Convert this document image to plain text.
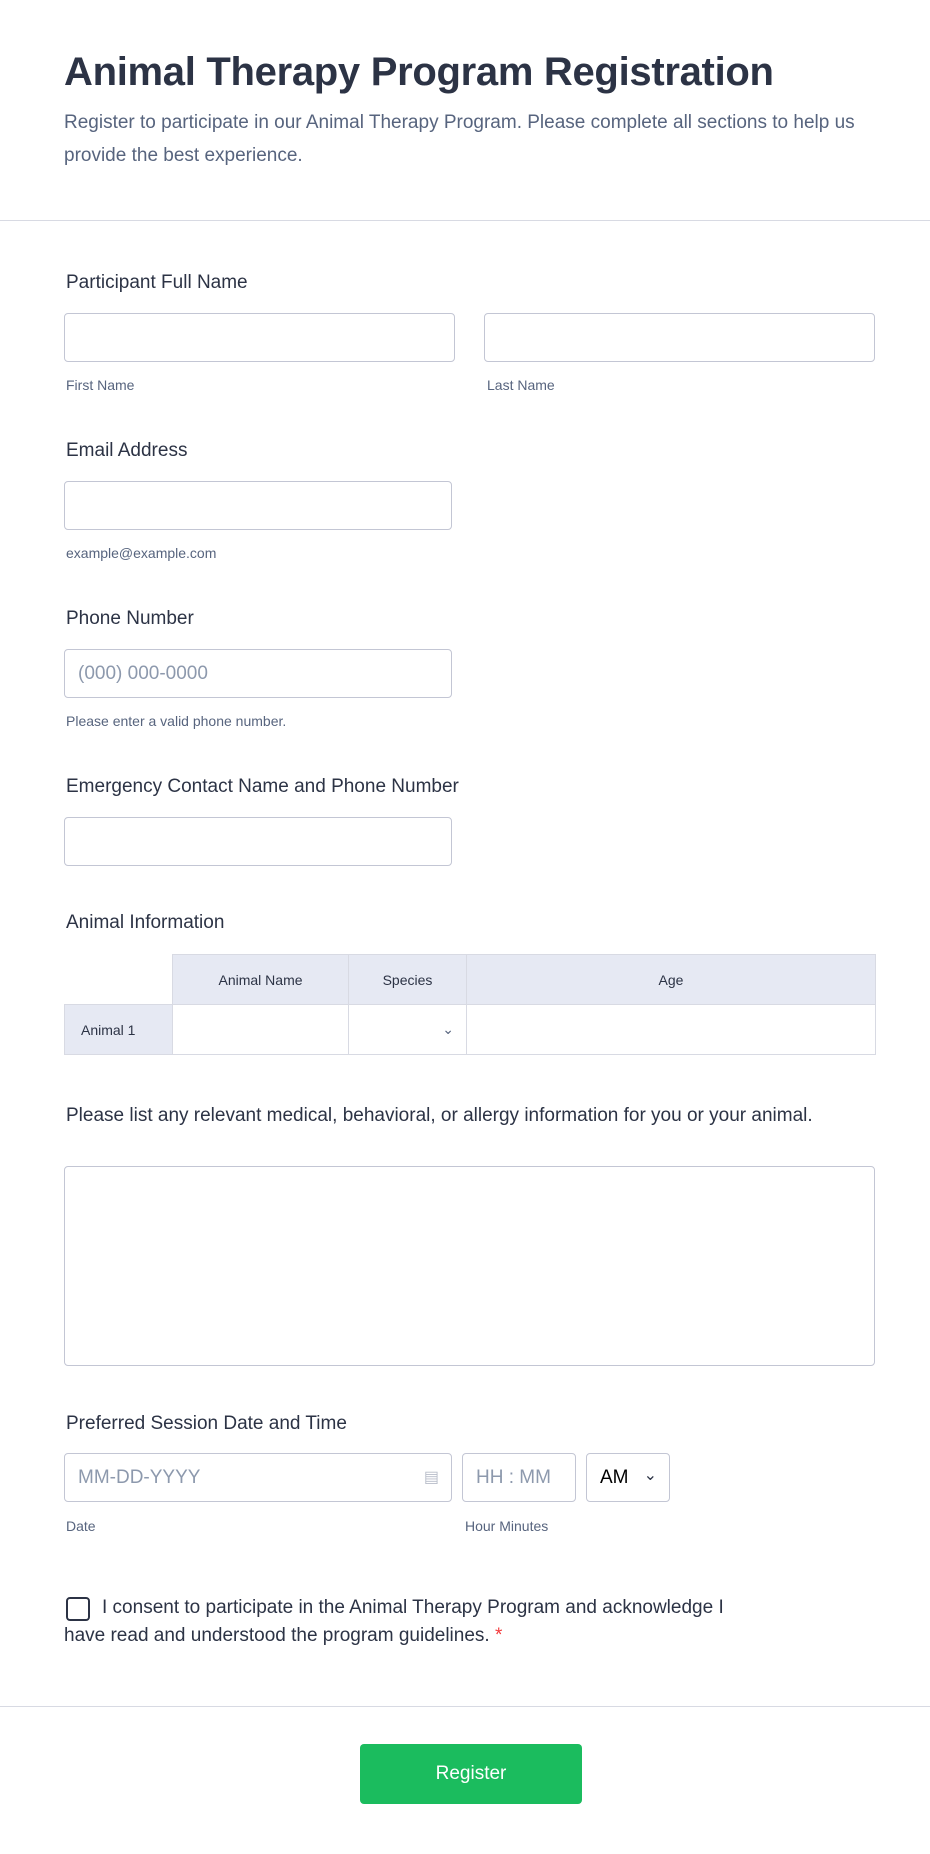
Animal Therapy Program Registration
Register to participate in our Animal Therapy Program. Please complete all sections to help us provide the best experience.
Participant Full Name
First Name	Last Name
Email Address
example@example.com
Phone Number
(000) 000-0000
Please enter a valid phone number.
Emergency Contact Name and Phone Number
Animal Information
	Animal Name	Species	Age
Animal 1		⌄	
Please list any relevant medical, behavioral, or allergy information for you or your animal.
Preferred Session Date and Time
MM-DD-YYYY	▤	HH : MM	AM ⌄
Date	Hour Minutes
I consent to participate in the Animal Therapy Program and acknowledge I have read and understood the program guidelines. *
Register
